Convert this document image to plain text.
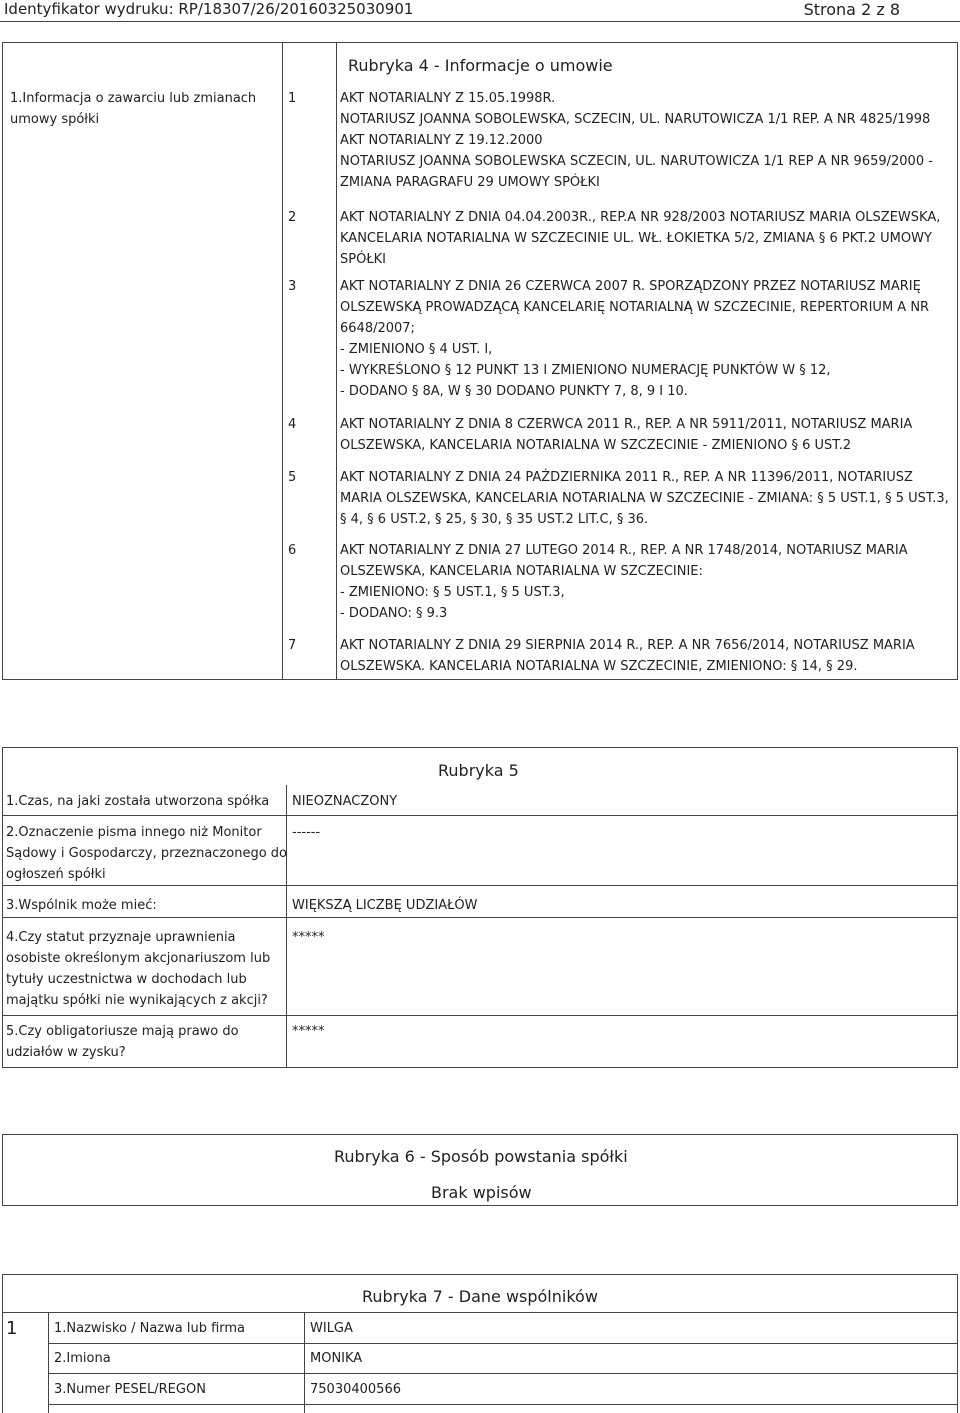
Identyfikator wydruku: RP/18307/26/20160325030901	Strona 2 z 8
Rubryka 4 - Informacje o umowie
1.Informacja o zawarciu lub zmianach
umowy spółki
1	AKT NOTARIALNY Z 15.05.1998R.
NOTARIUSZ JOANNA SOBOLEWSKA, SCZECIN, UL. NARUTOWICZA 1/1 REP. A NR 4825/1998
AKT NOTARIALNY Z 19.12.2000
NOTARIUSZ JOANNA SOBOLEWSKA SCZECIN, UL. NARUTOWICZA 1/1 REP A NR 9659/2000 -
ZMIANA PARAGRAFU 29 UMOWY SPÓŁKI
2	AKT NOTARIALNY Z DNIA 04.04.2003R., REP.A NR 928/2003 NOTARIUSZ MARIA OLSZEWSKA,
KANCELARIA NOTARIALNA W SZCZECINIE UL. WŁ. ŁOKIETKA 5/2, ZMIANA § 6 PKT.2 UMOWY
SPÓŁKI
3	AKT NOTARIALNY Z DNIA 26 CZERWCA 2007 R. SPORZĄDZONY PRZEZ NOTARIUSZ MARIĘ
OLSZEWSKĄ PROWADZĄCĄ KANCELARIĘ NOTARIALNĄ W SZCZECINIE, REPERTORIUM A NR
6648/2007;
- ZMIENIONO § 4 UST. I,
- WYKREŚLONO § 12 PUNKT 13 I ZMIENIONO NUMERACJĘ PUNKTÓW W § 12,
- DODANO § 8A, W § 30 DODANO PUNKTY 7, 8, 9 I 10.
4	AKT NOTARIALNY Z DNIA 8 CZERWCA 2011 R., REP. A NR 5911/2011, NOTARIUSZ MARIA
OLSZEWSKA, KANCELARIA NOTARIALNA W SZCZECINIE - ZMIENIONO § 6 UST.2
5	AKT NOTARIALNY Z DNIA 24 PAŹDZIERNIKA 2011 R., REP. A NR 11396/2011, NOTARIUSZ
MARIA OLSZEWSKA, KANCELARIA NOTARIALNA W SZCZECINIE - ZMIANA: § 5 UST.1, § 5 UST.3,
§ 4, § 6 UST.2, § 25, § 30, § 35 UST.2 LIT.C, § 36.
6	AKT NOTARIALNY Z DNIA 27 LUTEGO 2014 R., REP. A NR 1748/2014, NOTARIUSZ MARIA
OLSZEWSKA, KANCELARIA NOTARIALNA W SZCZECINIE:
- ZMIENIONO: § 5 UST.1, § 5 UST.3,
- DODANO: § 9.3
7	AKT NOTARIALNY Z DNIA 29 SIERPNIA 2014 R., REP. A NR 7656/2014, NOTARIUSZ MARIA
OLSZEWSKA. KANCELARIA NOTARIALNA W SZCZECINIE, ZMIENIONO: § 14, § 29.
Rubryka 5
1.Czas, na jaki została utworzona spółka NIEOZNACZONY
2.Oznaczenie pisma innego niż Monitor
Sądowy i Gospodarczy, przeznaczonego do
ogłoszeń spółki
------
3.Wspólnik może mieć:	WIĘKSZĄ LICZBĘ UDZIAŁÓW
4.Czy statut przyznaje uprawnienia
osobiste określonym akcjonariuszom lub
tytuły uczestnictwa w dochodach lub
majątku spółki nie wynikających z akcji?
*****
5.Czy obligatoriusze mają prawo do
udziałów w zysku?
*****
Rubryka 6 - Sposób powstania spółki
Brak wpisów
Rubryka 7 - Dane wspólników
1	1.Nazwisko / Nazwa lub firma	WILGA
2.Imiona	MONIKA
3.Numer PESEL/REGON	75030400566
